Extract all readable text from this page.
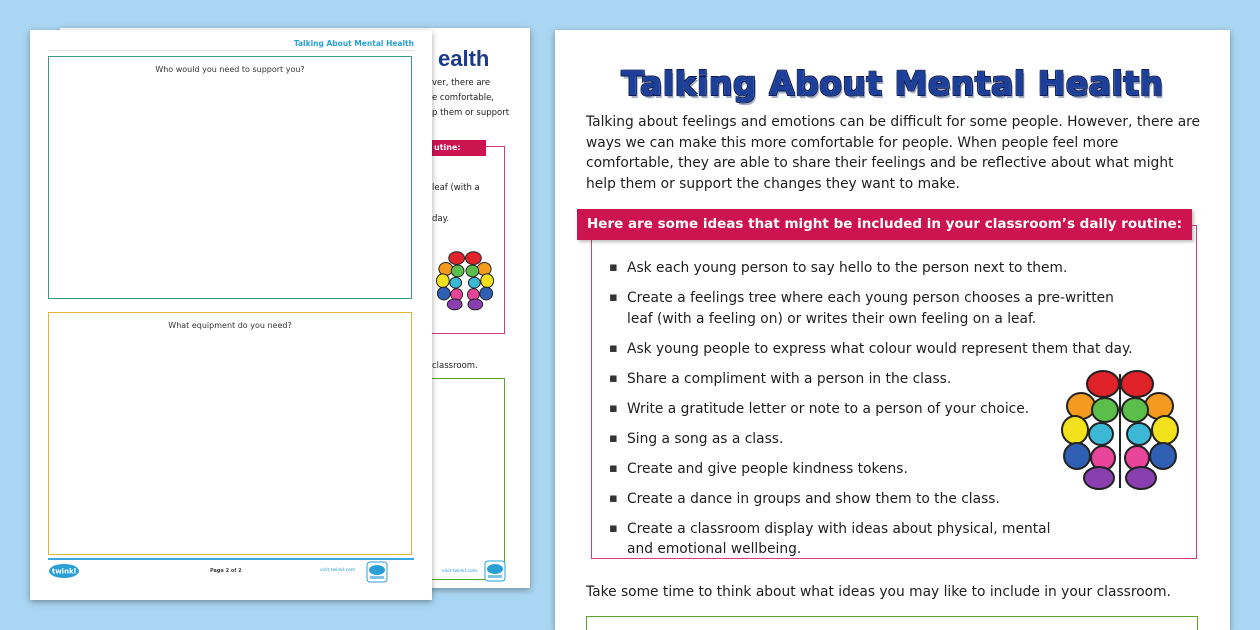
ealth
ver, there are
e comfortable,
p them or support
utine:
leaf (with a
day.
classroom.
visit twinkl.com
Talking About Mental Health
Who would you need to support you?
What equipment do you need?
twinkl	Page 2 of 2	visit twinkl.com
Talking About Mental Health
Talking about feelings and emotions can be difficult for some people. However, there are ways we can make this more comfortable for people. When people feel more comfortable, they are able to share their feelings and be reflective about what might help them or support the changes they want to make.
Here are some ideas that might be included in your classroom’s daily routine:
▪ Ask each young person to say hello to the person next to them.
▪ Create a feelings tree where each young person chooses a pre-written leaf (with a feeling on) or writes their own feeling on a leaf.
▪ Ask young people to express what colour would represent them that day.
▪ Share a compliment with a person in the class.
▪ Write a gratitude letter or note to a person of your choice.
▪ Sing a song as a class.
▪ Create and give people kindness tokens.
▪ Create a dance in groups and show them to the class.
▪ Create a classroom display with ideas about physical, mental and emotional wellbeing.
Take some time to think about what ideas you may like to include in your classroom.
